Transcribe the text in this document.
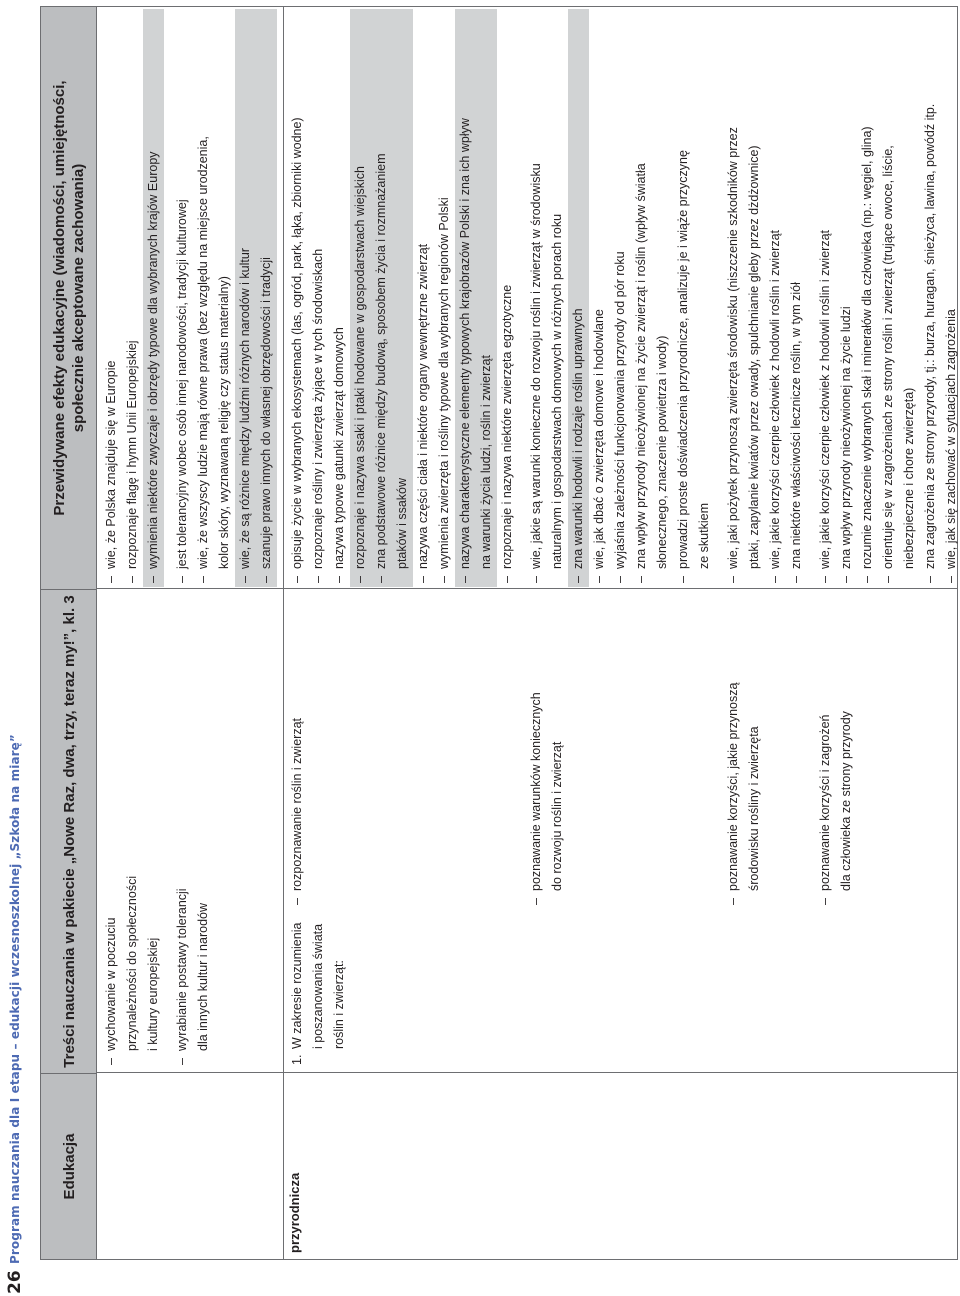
26
Program nauczania dla I etapu – edukacji wczesnoszkolnej „Szkoła na miarę”	Edukacja
Treści nauczania w pakiecie „Nowe Raz, dwa, trzy, teraz my!”, kl. 3
Przewidywane efekty edukacyjne (wiadomości, umiejętności, społecznie akceptowane zachowania)
–
wychowanie w poczuciu przynależności do społeczności i kultury europejskiej
–
wie, że Polska znajduje się w Europie
–
rozpoznaje flagę i hymn Unii Europejskiej
–
wymienia niektóre zwyczaje i obrzędy typowe dla wybranych krajów Europy
–
wyrabianie postawy tolerancji dla innych kultur i narodów
–
jest tolerancyjny wobec osób innej narodowości, tradycji kulturowej
–
wie, że wszyscy ludzie mają równe prawa (bez względu na miejsce urodzenia, kolor skóry, wyznawaną religię czy status materialny)
–
wie, że są różnice między ludźmi różnych narodów i kultur
–
szanuje prawo innych do własnej obrzędowości i tradycji
przyrodnicza
1.
W zakresie rozumienia i poszanowania świata roślin i zwierząt:
–
rozpoznawanie roślin i zwierząt
–
opisuje życie w wybranych ekosystemach (las, ogród, park, łąka, zbiorniki wodne)
–
rozpoznaje rośliny i zwierzęta żyjące w tych środowiskach
–
nazywa typowe gatunki zwierząt domowych
–
rozpoznaje i nazywa ssaki i ptaki hodowane w gospodarstwach wiejskich
–
zna podstawowe różnice między budową, sposobem życia i rozmnażaniem ptaków i ssaków
–
nazywa części ciała i niektóre organy wewnętrzne zwierząt
–
wymienia zwierzęta i rośliny typowe dla wybranych regionów Polski
–
nazywa charakterystyczne elementy typowych krajobrazów Polski i zna ich wpływ na warunki życia ludzi, roślin i zwierząt
–
rozpoznaje i nazywa niektóre zwierzęta egzotyczne
–
poznawanie warunków koniecznych do rozwoju roślin i zwierząt
–
wie, jakie są warunki konieczne do rozwoju roślin i zwierząt w środowisku naturalnym i gospodarstwach domowych w różnych porach roku
–
zna warunki hodowli i rodzaje roślin uprawnych
–
wie, jak dbać o zwierzęta domowe i hodowlane
–
wyjaśnia zależności funkcjonowania przyrody od pór roku
–
zna wpływ przyrody nieożywionej na życie zwierząt i roślin (wpływ światła słonecznego, znaczenie powietrza i wody)
–
prowadzi proste doświadczenia przyrodnicze, analizuje je i wiąże przyczynę ze skutkiem
–
poznawanie korzyści, jakie przynoszą środowisku rośliny i zwierzęta
–
wie, jaki pożytek przynoszą zwierzęta środowisku (niszczenie szkodników przez ptaki, zapylanie kwiatów przez owady, spulchnianie gleby przez dżdżownice)
–
wie, jakie korzyści czerpie człowiek z hodowli roślin i zwierząt
–
zna niektóre właściwości lecznicze roślin, w tym ziół
–
poznawanie korzyści i zagrożeń dla człowieka ze strony przyrody
–
wie, jakie korzyści czerpie człowiek z hodowli roślin i zwierząt
–
zna wpływ przyrody nieożywionej na życie ludzi
–
rozumie znaczenie wybranych skał i minerałów dla człowieka (np.: węgiel, glina)
–
orientuje się w zagrożeniach ze strony roślin i zwierząt (trujące owoce, liście, niebezpieczne i chore zwierzęta)
–
zna zagrożenia ze strony przyrody, tj.: burza, huragan, śnieżyca, lawina, powódź itp.
–
wie, jak się zachować w sytuacjach zagrożenia
